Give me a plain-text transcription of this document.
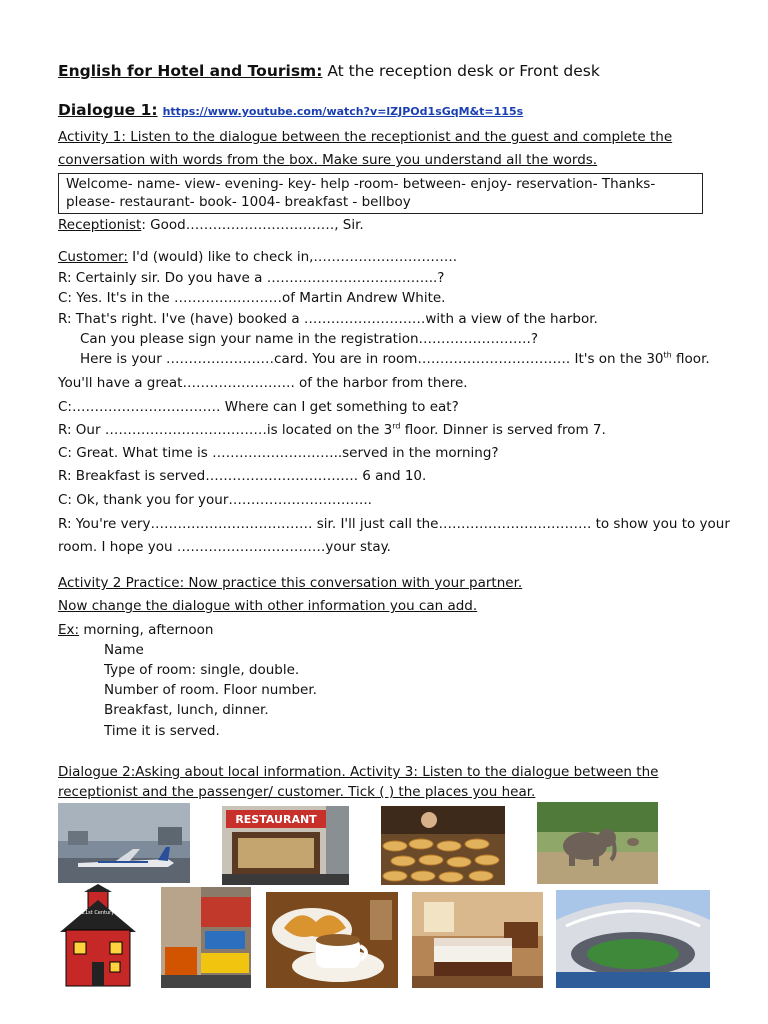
English for Hotel and Tourism: At the reception desk or Front desk
Dialogue 1: https://www.youtube.com/watch?v=lZJPOd1sGqM&t=115s
Activity 1: Listen to the dialogue between the receptionist and the guest and complete the
conversation with words from the box. Make sure you understand all the words.
Welcome- name- view- evening- key- help -room- between- enjoy- reservation- Thanks-
please- restaurant- book- 1004- breakfast - bellboy
Receptionist: Good……………………………, Sir.
Customer: I'd (would) like to check in,…………………………..
R: Certainly sir. Do you have a ………………………………..?
C: Yes. It's in the ……………………of Martin Andrew White.
R: That's right. I've (have) booked a ………………………with a view of the harbor.
Can you please sign your name in the registration…………………….?
Here is your ……………………card. You are in room……………………………. It's on the 30th floor.
You'll have a great……………………. of the harbor from there.
C:…………………………… Where can I get something to eat?
R: Our ………………………………is located on the 3rd floor. Dinner is served from 7.
C: Great. What time is ………………………..served in the morning?
R: Breakfast is served……………………………. 6 and 10.
C: Ok, thank you for your…………………………..
R: You're very……………………………… sir. I'll just call the……………………………. to show you to your
room. I hope you ……………………………your stay.
Activity 2 Practice: Now practice this conversation with your partner.
Now change the dialogue with other information you can add.
Ex: morning, afternoon
Name
Type of room: single, double.
Number of room. Floor number.
Breakfast, lunch, dinner.
Time it is served.
Dialogue 2:Asking about local information. Activity 3: Listen to the dialogue between the
receptionist and the passenger/ customer. Tick ( ) the places you hear.
RESTAURANT
21st Century
